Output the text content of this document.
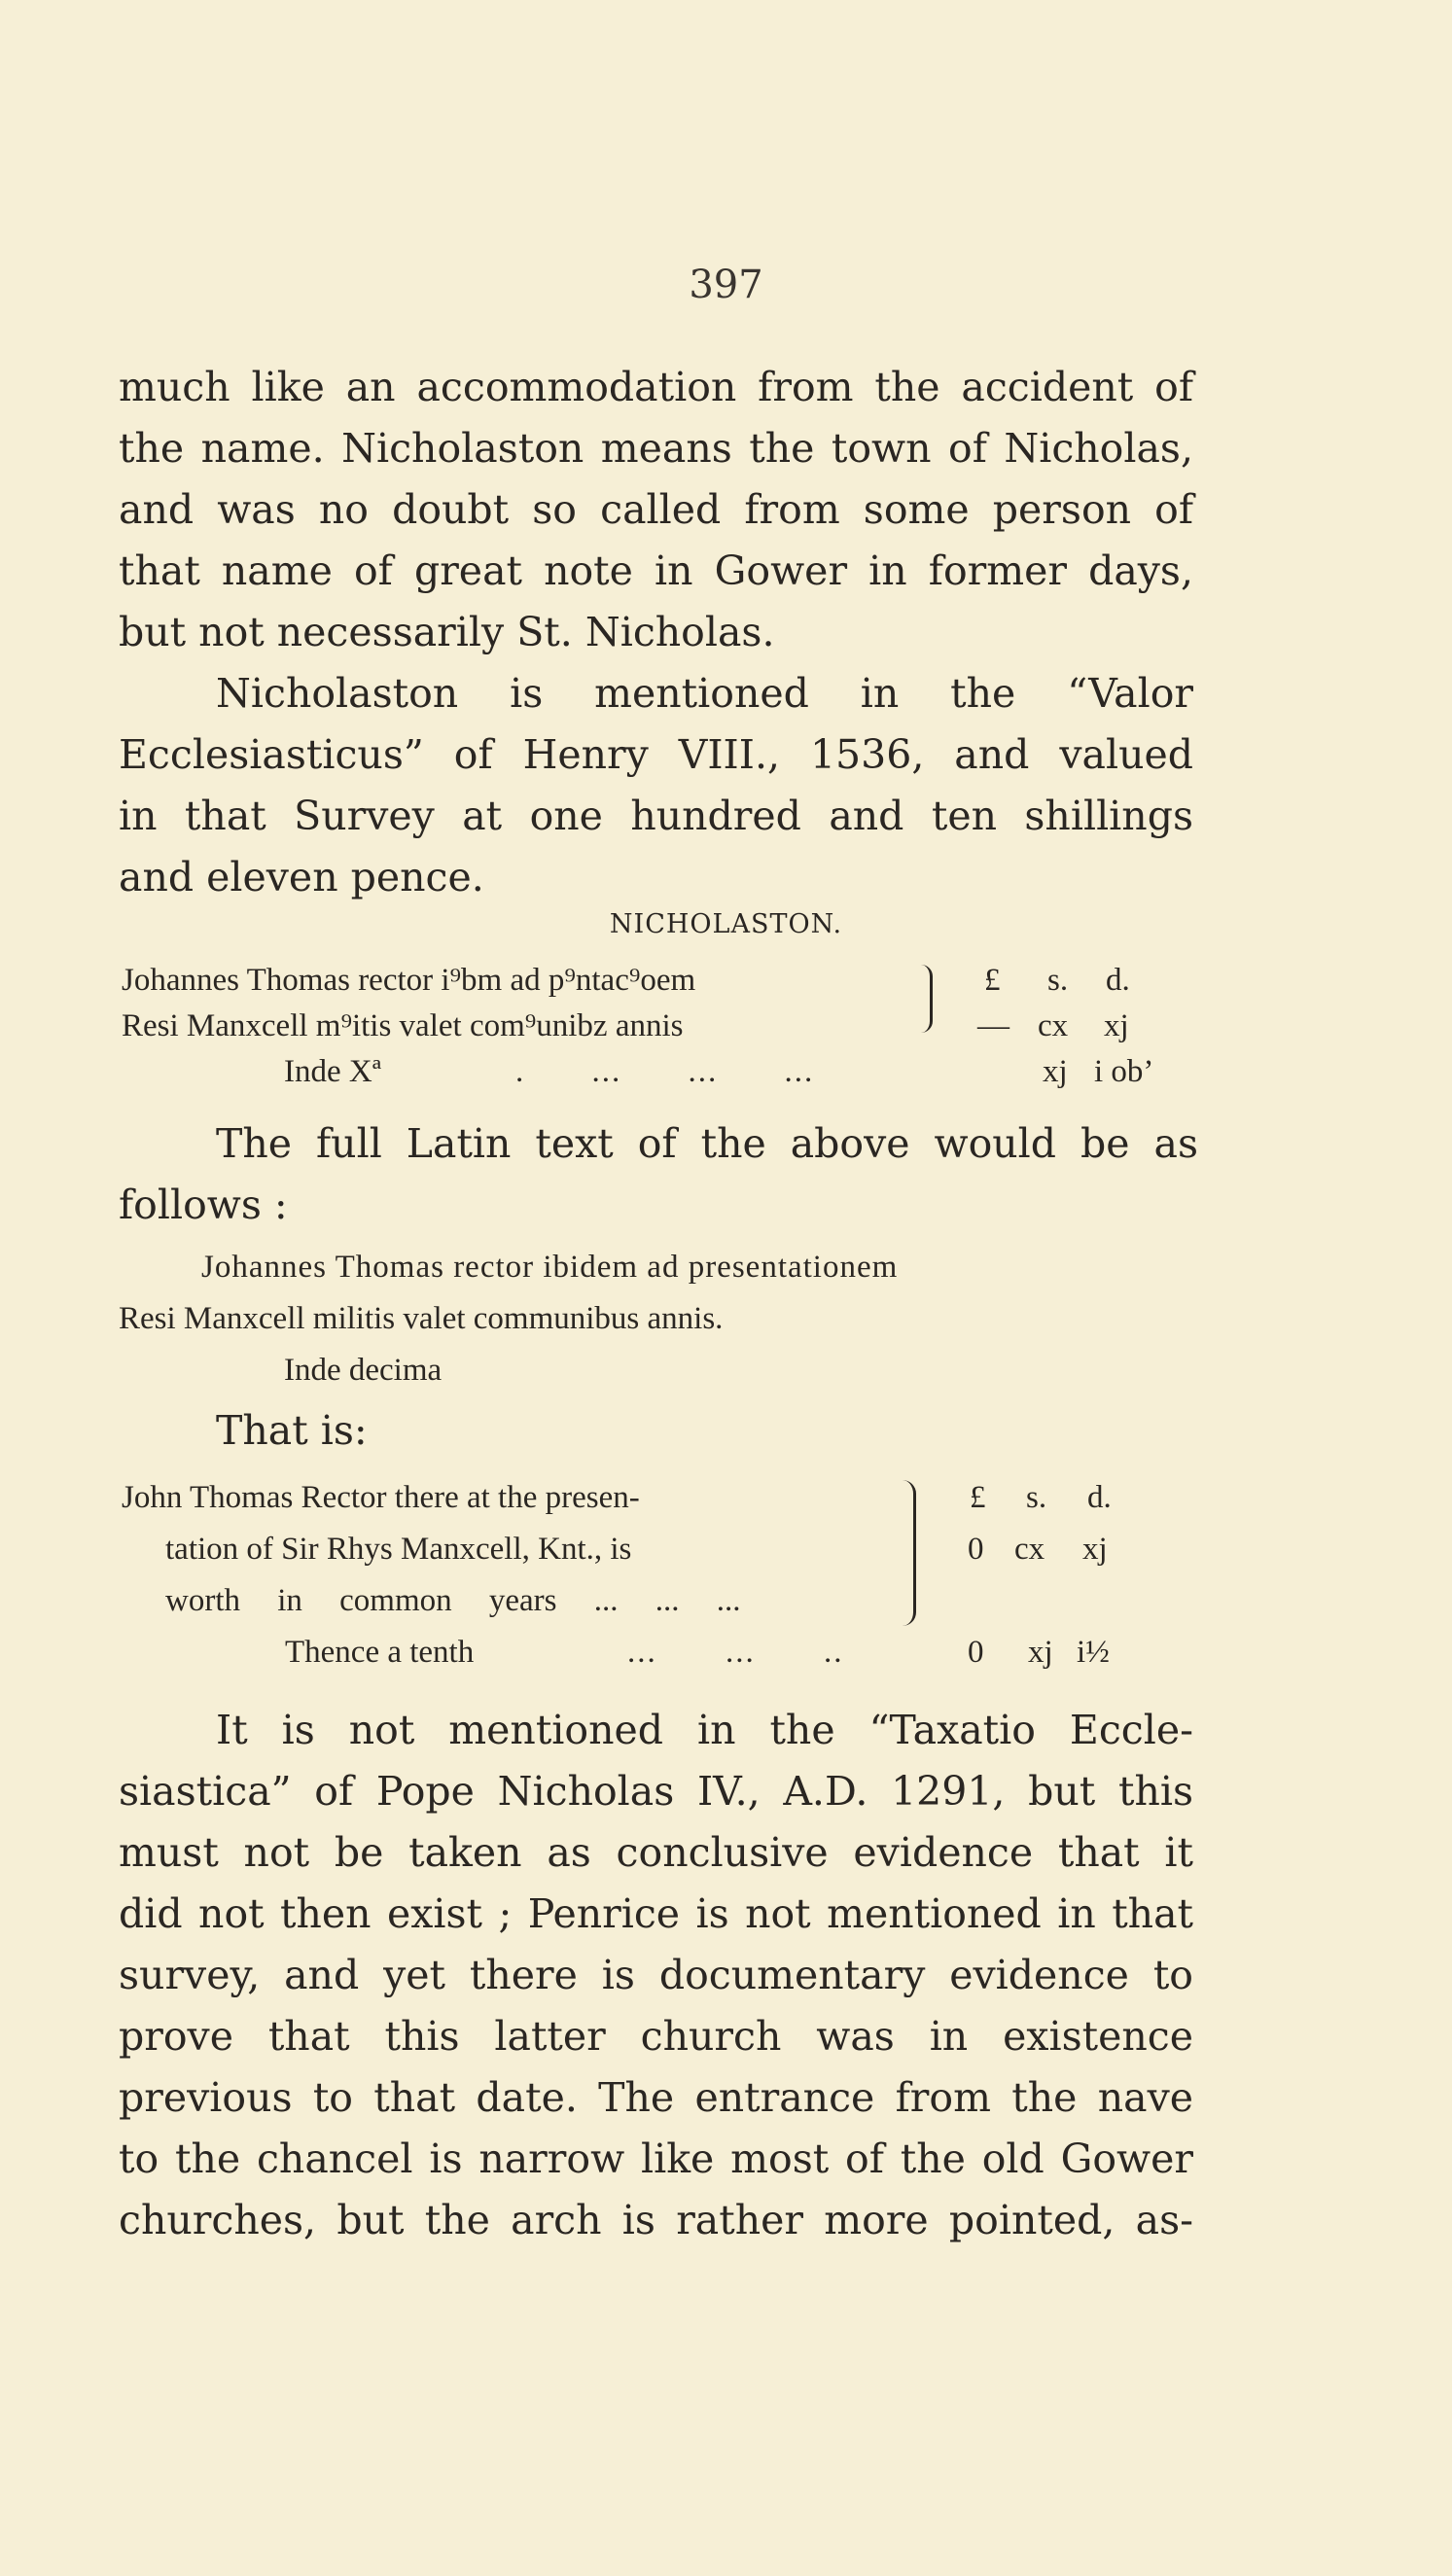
397
much like an accommodation from the accident of
the name. Nicholaston means the town of Nicholas,
and was no doubt so called from some person of
that name of great note in Gower in former days,
but not necessarily St. Nicholas.
Nicholaston is mentioned in the “Valor
Ecclesiasticus” of Henry VIII., 1536, and valued
in that Survey at one hundred and ten shillings
and eleven pence.
NICHOLASTON.
Johannes Thomas rector i⁹bm ad p⁹ntac⁹oem	£ s. d.
Resi Manxcell m⁹itis valet com⁹unibz annis	— cx xj
Inde Xª	. ... ... ...	xj i ob’
The full Latin text of the above would be as
follows :
Johannes Thomas rector ibidem ad presentationem
Resi Manxcell militis valet communibus annis.
Inde decima
That is:
John Thomas Rector there at the presen-	£ s. d.
tation of Sir Rhys Manxcell, Knt., is	0 cx xj
worth in common years ... ... ...
Thence a tenth	... ... ..	0 xj i½
It is not mentioned in the “Taxatio Eccle-
siastica” of Pope Nicholas IV., A.D. 1291, but this
must not be taken as conclusive evidence that it
did not then exist ; Penrice is not mentioned in that
survey, and yet there is documentary evidence to
prove that this latter church was in existence
previous to that date. The entrance from the nave
to the chancel is narrow like most of the old Gower
churches, but the arch is rather more pointed, as-
